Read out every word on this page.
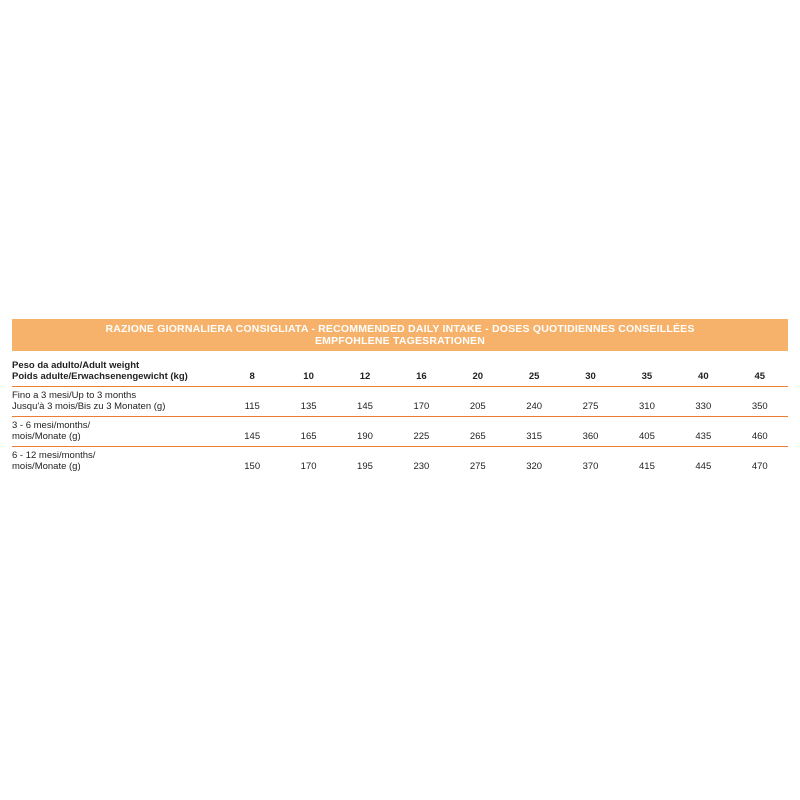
RAZIONE GIORNALIERA CONSIGLIATA - RECOMMENDED DAILY INTAKE - DOSES QUOTIDIENNES CONSEILLÉES
EMPFOHLENE TAGESRATIONEN
Peso da adulto/Adult weight
Poids adulte/Erwachsenengewicht (kg)	8	10	12	16	20	25	30	35	40	45

Fino a 3 mesi/Up to 3 months
Jusqu'à 3 mois/Bis zu 3 Monaten (g)	115	135	145	170	205	240	275	310	330	350

3 - 6 mesi/months/
mois/Monate (g)	145	165	190	225	265	315	360	405	435	460

6 - 12 mesi/months/
mois/Monate (g)	150	170	195	230	275	320	370	415	445	470
